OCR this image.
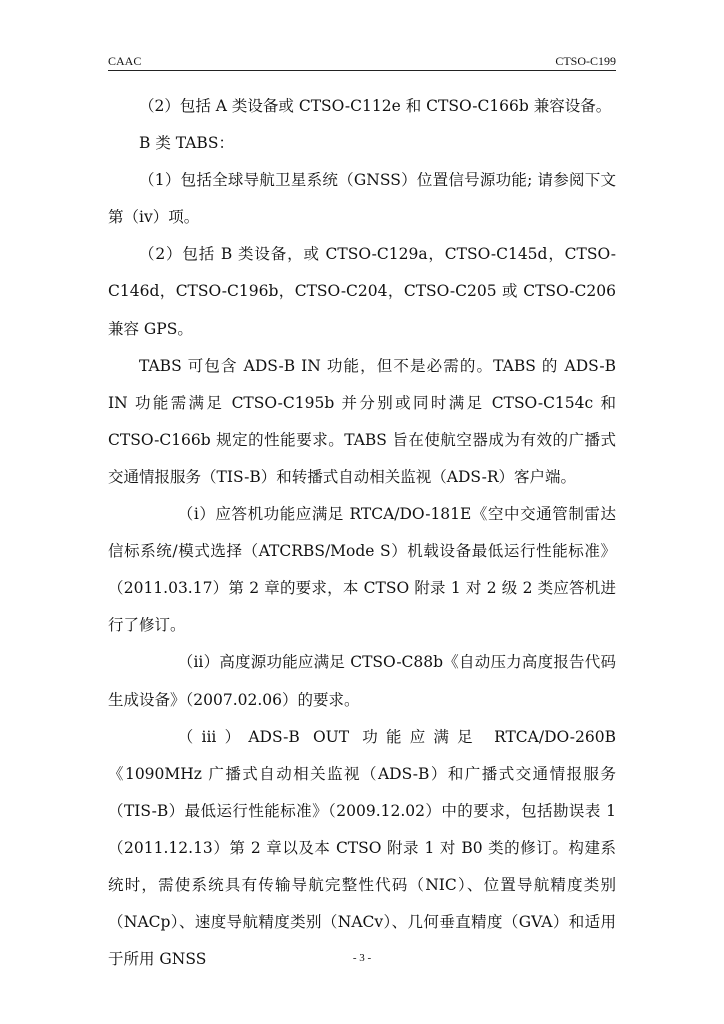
CAAC	CTSO-C199

（2）包括 A 类设备或 CTSO-C112e 和 CTSO-C166b 兼容设备。

B 类 TABS：

（1）包括全球导航卫星系统（GNSS）位置信号源功能; 请参阅下文第（iv）项。

（2）包括 B 类设备，或 CTSO-C129a，CTSO-C145d，CTSO-C146d，CTSO-C196b，CTSO-C204，CTSO-C205 或 CTSO-C206 兼容 GPS。

TABS 可包含 ADS-B IN 功能，但不是必需的。TABS 的 ADS-B IN 功能需满足 CTSO-C195b 并分别或同时满足 CTSO-C154c 和 CTSO-C166b 规定的性能要求。TABS 旨在使航空器成为有效的广播式交通情报服务（TIS-B）和转播式自动相关监视（ADS-R）客户端。

（i）应答机功能应满足 RTCA/DO-181E《空中交通管制雷达信标系统/模式选择（ATCRBS/Mode S）机载设备最低运行性能标准》（2011.03.17）第 2 章的要求，本 CTSO 附录 1 对 2 级 2 类应答机进行了修订。

（ii）高度源功能应满足 CTSO-C88b《自动压力高度报告代码生成设备》（2007.02.06）的要求。

（iii）ADS-B OUT 功能应满足 RTCA/DO-260B《1090MHz 广播式自动相关监视（ADS-B）和广播式交通情报服务（TIS-B）最低运行性能标准》（2009.12.02）中的要求，包括勘误表 1（2011.12.13）第 2 章以及本 CTSO 附录 1 对 B0 类的修订。构建系统时，需使系统具有传输导航完整性代码（NIC）、位置导航精度类别（NACp）、速度导航精度类别（NACv）、几何垂直精度（GVA）和适用于所用 GNSS	- 3 -
